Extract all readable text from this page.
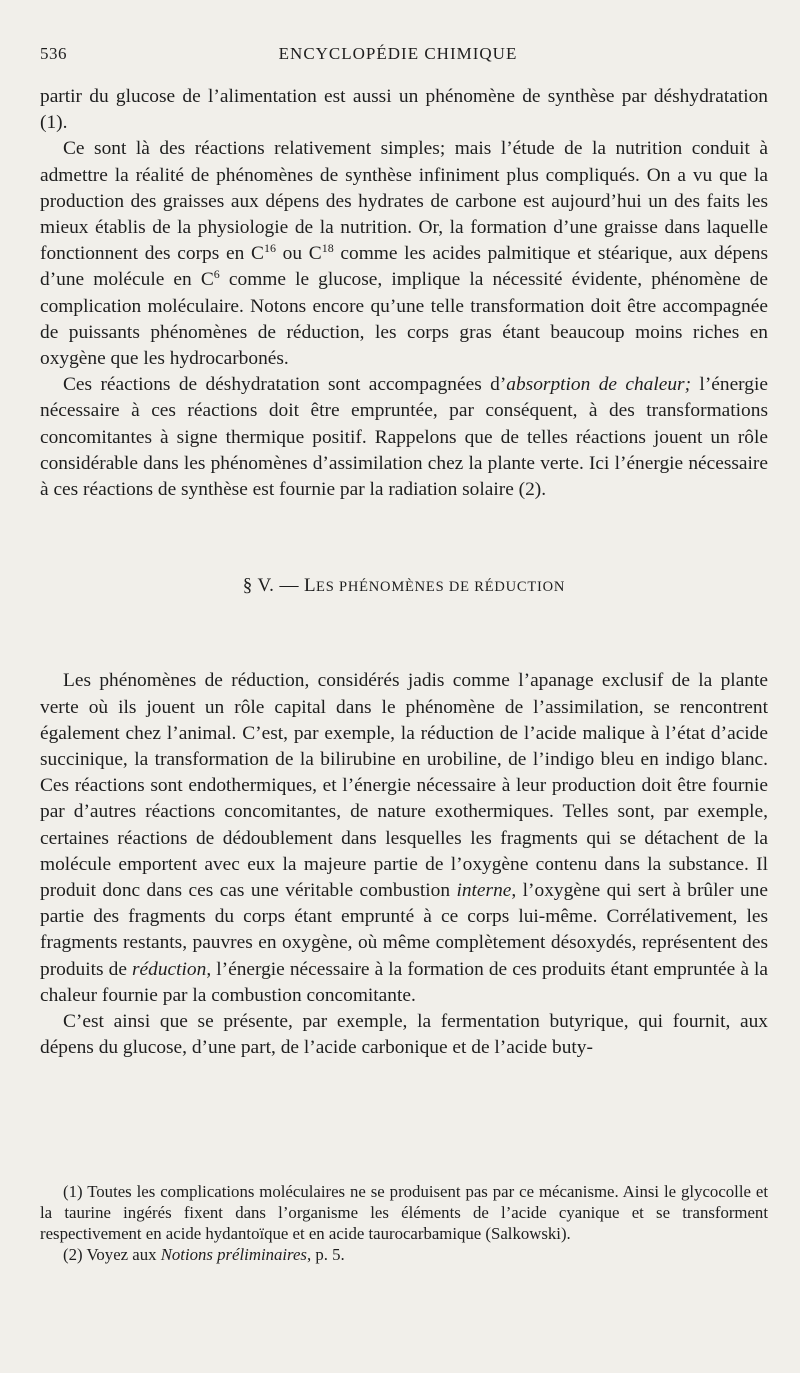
536	ENCYCLOPÉDIE CHIMIQUE

partir du glucose de l’alimentation est aussi un phénomène de synthèse par déshydratation (1).

Ce sont là des réactions relativement simples; mais l’étude de la nutrition conduit à admettre la réalité de phénomènes de synthèse infiniment plus compliqués. On a vu que la production des graisses aux dépens des hydrates de carbone est aujourd’hui un des faits les mieux établis de la physiologie de la nutrition. Or, la formation d’une graisse dans laquelle fonctionnent des corps en $C^{16}$ ou $C^{18}$ comme les acides palmitique et stéarique, aux dépens d’une molécule en $C^6$ comme le glucose, implique la nécessité évidente, phénomène de complication moléculaire. Notons encore qu’une telle transformation doit être accompagnée de puissants phénomènes de réduction, les corps gras étant beaucoup moins riches en oxygène que les hydrocarbonés.

Ces réactions de déshydratation sont accompagnées d’absorption de chaleur; l’énergie nécessaire à ces réactions doit être empruntée, par conséquent, à des transformations concomitantes à signe thermique positif. Rappelons que de telles réactions jouent un rôle considérable dans les phénomènes d’assimilation chez la plante verte. Ici l’énergie nécessaire à ces réactions de synthèse est fournie par la radiation solaire (2).

§ V. — LES PHÉNOMÈNES DE RÉDUCTION

Les phénomènes de réduction, considérés jadis comme l’apanage exclusif de la plante verte où ils jouent un rôle capital dans le phénomène de l’assimilation, se rencontrent également chez l’animal. C’est, par exemple, la réduction de l’acide malique à l’état d’acide succinique, la transformation de la bilirubine en urobiline, de l’indigo bleu en indigo blanc. Ces réactions sont endothermiques, et l’énergie nécessaire à leur production doit être fournie par d’autres réactions concomitantes, de nature exothermiques. Telles sont, par exemple, certaines réactions de dédoublement dans lesquelles les fragments qui se détachent de la molécule emportent avec eux la majeure partie de l’oxygène contenu dans la substance. Il produit donc dans ces cas une véritable combustion interne, l’oxygène qui sert à brûler une partie des fragments du corps étant emprunté à ce corps lui-même. Corrélativement, les fragments restants, pauvres en oxygène, où même complètement désoxydés, représentent des produits de réduction, l’énergie nécessaire à la formation de ces produits étant empruntée à la chaleur fournie par la combustion concomitante.

C’est ainsi que se présente, par exemple, la fermentation butyrique, qui fournit, aux dépens du glucose, d’une part, de l’acide carbonique et de l’acide buty-

(1) Toutes les complications moléculaires ne se produisent pas par ce mécanisme. Ainsi le glycocolle et la taurine ingérés fixent dans l’organisme les éléments de l’acide cyanique et se transforment respectivement en acide hydantoïque et en acide taurocarbamique (Salkowski).

(2) Voyez aux Notions préliminaires, p. 5.
